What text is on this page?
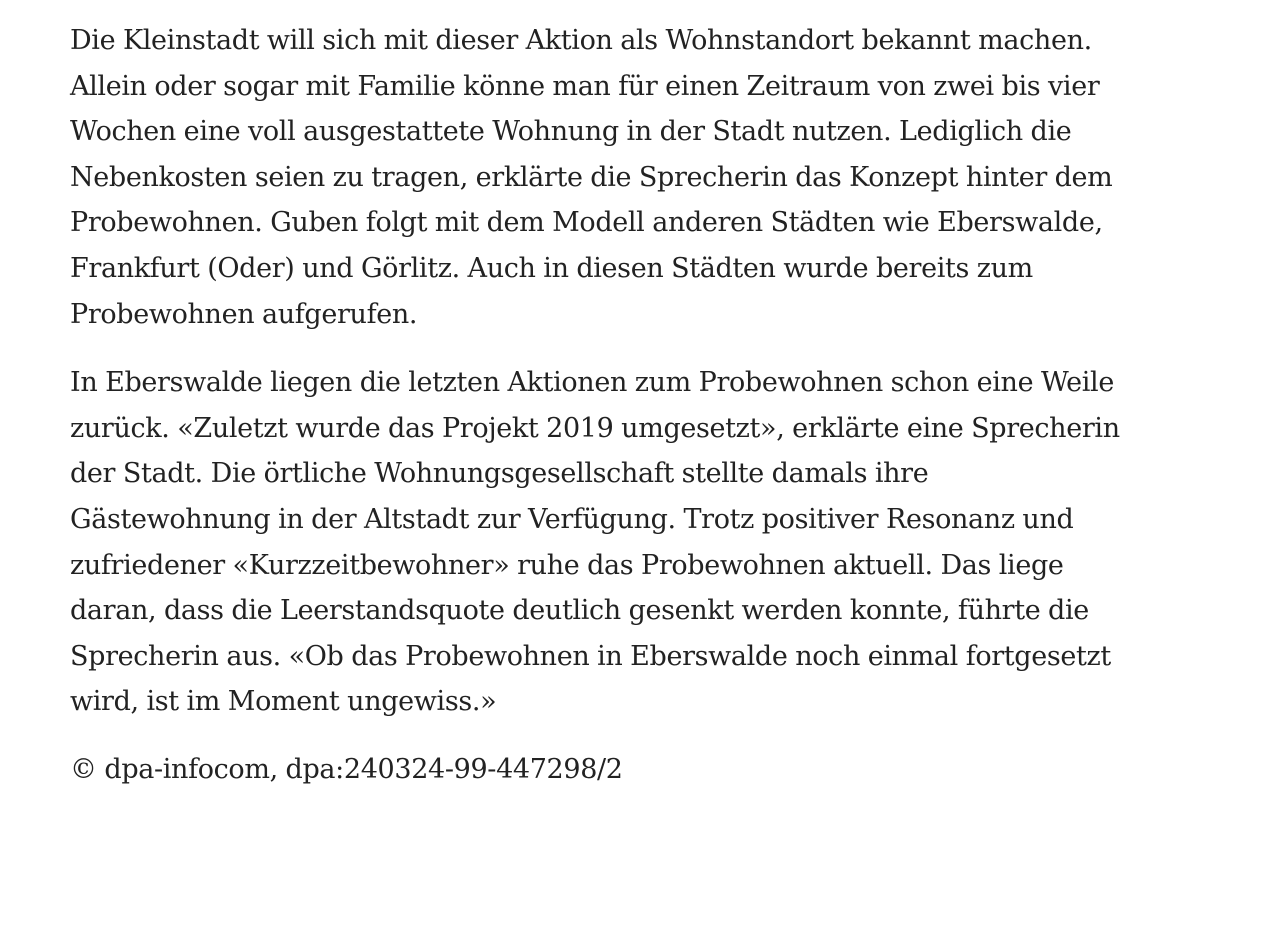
Die Kleinstadt will sich mit dieser Aktion als Wohnstandort bekannt machen.
Allein oder sogar mit Familie könne man für einen Zeitraum von zwei bis vier
Wochen eine voll ausgestattete Wohnung in der Stadt nutzen. Lediglich die
Nebenkosten seien zu tragen, erklärte die Sprecherin das Konzept hinter dem
Probewohnen. Guben folgt mit dem Modell anderen Städten wie Eberswalde,
Frankfurt (Oder) und Görlitz. Auch in diesen Städten wurde bereits zum
Probewohnen aufgerufen.

In Eberswalde liegen die letzten Aktionen zum Probewohnen schon eine Weile
zurück. «Zuletzt wurde das Projekt 2019 umgesetzt», erklärte eine Sprecherin
der Stadt. Die örtliche Wohnungsgesellschaft stellte damals ihre
Gästewohnung in der Altstadt zur Verfügung. Trotz positiver Resonanz und
zufriedener «Kurzzeitbewohner» ruhe das Probewohnen aktuell. Das liege
daran, dass die Leerstandsquote deutlich gesenkt werden konnte, führte die
Sprecherin aus. «Ob das Probewohnen in Eberswalde noch einmal fortgesetzt
wird, ist im Moment ungewiss.»

© dpa-infocom, dpa:240324-99-447298/2
